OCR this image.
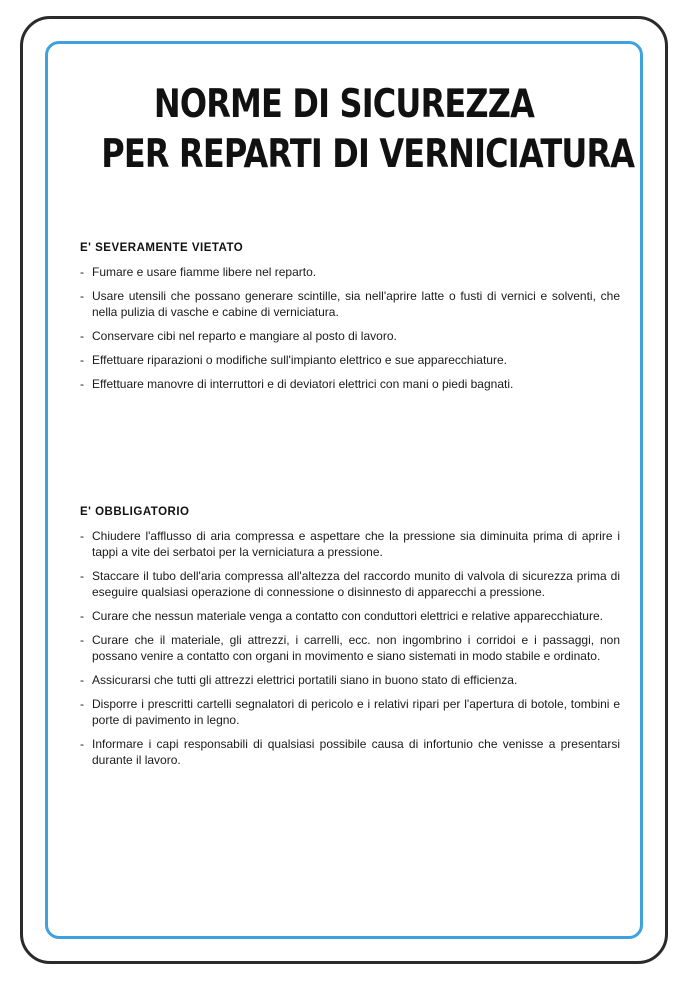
NORME DI SICUREZZA
PER REPARTI DI VERNICIATURA
E' SEVERAMENTE VIETATO
- Fumare e usare fiamme libere nel reparto.
- Usare utensili che possano generare scintille, sia nell'aprire latte o fusti di vernici e solventi, che nella pulizia di vasche e cabine di verniciatura.
- Conservare cibi nel reparto e mangiare al posto di lavoro.
- Effettuare riparazioni o modifiche sull'impianto elettrico e sue apparecchiature.
- Effettuare manovre di interruttori e di deviatori elettrici con mani o piedi bagnati.
E' OBBLIGATORIO
- Chiudere l'afflusso di aria compressa e aspettare che la pressione sia diminuita prima di aprire i tappi a vite dei serbatoi per la verniciatura a pressione.
- Staccare il tubo dell'aria compressa all'altezza del raccordo munito di valvola di sicurezza prima di eseguire qualsiasi operazione di connessione o disinnesto di apparecchi a pressione.
- Curare che nessun materiale venga a contatto con conduttori elettrici e relative apparecchiature.
- Curare che il materiale, gli attrezzi, i carrelli, ecc. non ingombrino i corridoi e i passaggi, non possano venire a contatto con organi in movimento e siano sistemati in modo stabile e ordinato.
- Assicurarsi che tutti gli attrezzi elettrici portatili siano in buono stato di efficienza.
- Disporre i prescritti cartelli segnalatori di pericolo e i relativi ripari per l'apertura di botole, tombini e porte di pavimento in legno.
- Informare i capi responsabili di qualsiasi possibile causa di infortunio che venisse a presentarsi durante il lavoro.
